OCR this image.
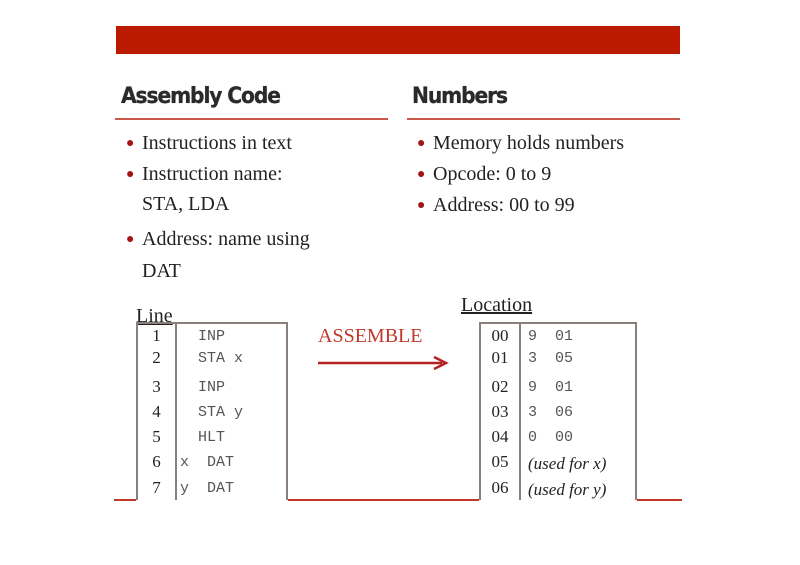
Assembly Code	Numbers
● Instructions in text
● Instruction name:
STA, LDA
● Address: name using
DAT
● Memory holds numbers
● Opcode: 0 to 9
● Address: 00 to 99
Line
1	INP
2	STA x
3	INP
4	STA y
5	HLT
6	x  DAT
7	y  DAT
ASSEMBLE
Location
00	9  01
01	3  05
02	9  01
03	3  06
04	0  00
05	(used for x)
06	(used for y)
